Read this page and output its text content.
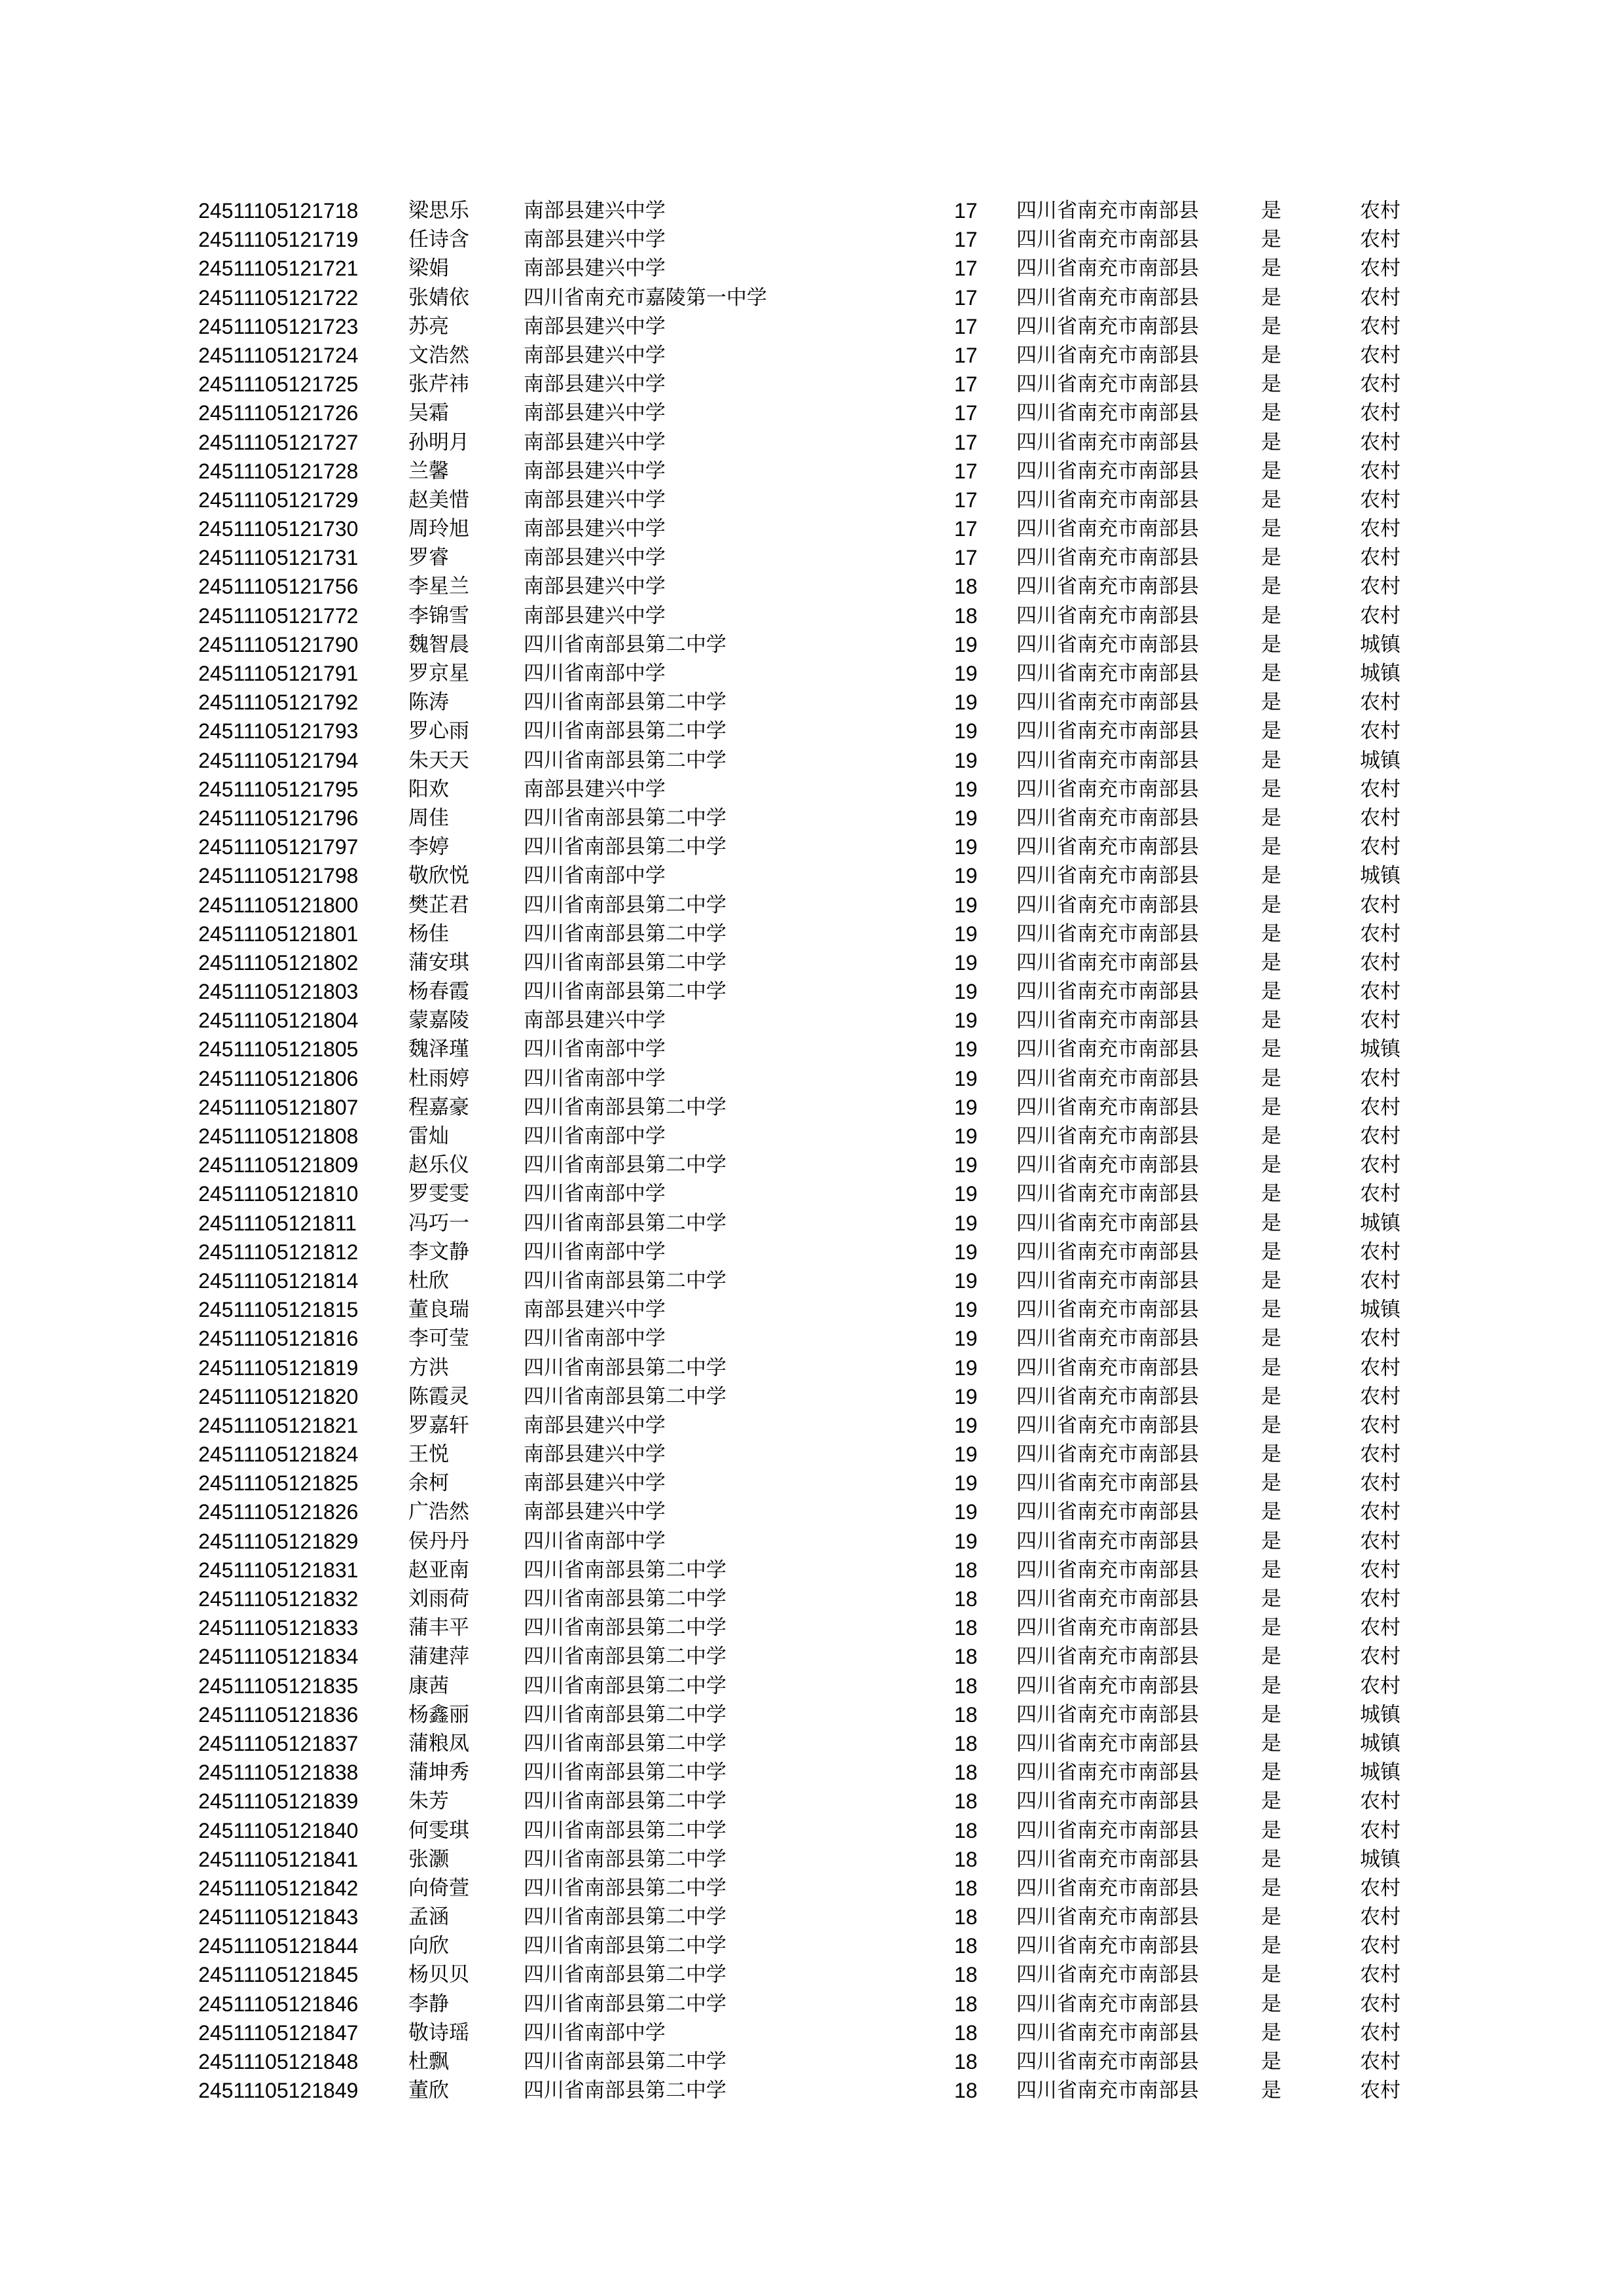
24511105121718 梁思乐	南部县建兴中学	17 四川省南充市南部县	是	农村
24511105121719 任诗含	南部县建兴中学	17 四川省南充市南部县	是	农村
24511105121721 梁娟	南部县建兴中学	17 四川省南充市南部县	是	农村
24511105121722 张婧依	四川省南充市嘉陵第一中学	17 四川省南充市南部县	是	农村
24511105121723 苏亮	南部县建兴中学	17 四川省南充市南部县	是	农村
24511105121724 文浩然	南部县建兴中学	17 四川省南充市南部县	是	农村
24511105121725 张芹祎	南部县建兴中学	17 四川省南充市南部县	是	农村
24511105121726 吴霜	南部县建兴中学	17 四川省南充市南部县	是	农村
24511105121727 孙明月	南部县建兴中学	17 四川省南充市南部县	是	农村
24511105121728 兰馨	南部县建兴中学	17 四川省南充市南部县	是	农村
24511105121729 赵美惜	南部县建兴中学	17 四川省南充市南部县	是	农村
24511105121730 周玲旭	南部县建兴中学	17 四川省南充市南部县	是	农村
24511105121731 罗睿	南部县建兴中学	17 四川省南充市南部县	是	农村
24511105121756 李星兰	南部县建兴中学	18 四川省南充市南部县	是	农村
24511105121772 李锦雪	南部县建兴中学	18 四川省南充市南部县	是	农村
24511105121790 魏智晨	四川省南部县第二中学	19 四川省南充市南部县	是	城镇
24511105121791 罗京星	四川省南部中学	19 四川省南充市南部县	是	城镇
24511105121792 陈涛	四川省南部县第二中学	19 四川省南充市南部县	是	农村
24511105121793 罗心雨	四川省南部县第二中学	19 四川省南充市南部县	是	农村
24511105121794 朱天天	四川省南部县第二中学	19 四川省南充市南部县	是	城镇
24511105121795 阳欢	南部县建兴中学	19 四川省南充市南部县	是	农村
24511105121796 周佳	四川省南部县第二中学	19 四川省南充市南部县	是	农村
24511105121797 李婷	四川省南部县第二中学	19 四川省南充市南部县	是	农村
24511105121798 敬欣悦	四川省南部中学	19 四川省南充市南部县	是	城镇
24511105121800 樊芷君	四川省南部县第二中学	19 四川省南充市南部县	是	农村
24511105121801 杨佳	四川省南部县第二中学	19 四川省南充市南部县	是	农村
24511105121802 蒲安琪	四川省南部县第二中学	19 四川省南充市南部县	是	农村
24511105121803 杨春霞	四川省南部县第二中学	19 四川省南充市南部县	是	农村
24511105121804 蒙嘉陵	南部县建兴中学	19 四川省南充市南部县	是	农村
24511105121805 魏泽瑾	四川省南部中学	19 四川省南充市南部县	是	城镇
24511105121806 杜雨婷	四川省南部中学	19 四川省南充市南部县	是	农村
24511105121807 程嘉豪	四川省南部县第二中学	19 四川省南充市南部县	是	农村
24511105121808 雷灿	四川省南部中学	19 四川省南充市南部县	是	农村
24511105121809 赵乐仪	四川省南部县第二中学	19 四川省南充市南部县	是	农村
24511105121810 罗雯雯	四川省南部中学	19 四川省南充市南部县	是	农村
24511105121811	冯巧一	四川省南部县第二中学	19 四川省南充市南部县	是	城镇
24511105121812 李文静	四川省南部中学	19 四川省南充市南部县	是	农村
24511105121814 杜欣	四川省南部县第二中学	19 四川省南充市南部县	是	农村
24511105121815 董良瑞	南部县建兴中学	19 四川省南充市南部县	是	城镇
24511105121816 李可莹	四川省南部中学	19 四川省南充市南部县	是	农村
24511105121819 方洪	四川省南部县第二中学	19 四川省南充市南部县	是	农村
24511105121820 陈霞灵	四川省南部县第二中学	19 四川省南充市南部县	是	农村
24511105121821 罗嘉轩	南部县建兴中学	19 四川省南充市南部县	是	农村
24511105121824 王悦	南部县建兴中学	19 四川省南充市南部县	是	农村
24511105121825 余柯	南部县建兴中学	19 四川省南充市南部县	是	农村
24511105121826 广浩然	南部县建兴中学	19 四川省南充市南部县	是	农村
24511105121829 侯丹丹	四川省南部中学	19 四川省南充市南部县	是	农村
24511105121831 赵亚南	四川省南部县第二中学	18 四川省南充市南部县	是	农村
24511105121832 刘雨荷	四川省南部县第二中学	18 四川省南充市南部县	是	农村
24511105121833 蒲丰平	四川省南部县第二中学	18 四川省南充市南部县	是	农村
24511105121834 蒲建萍	四川省南部县第二中学	18 四川省南充市南部县	是	农村
24511105121835 康茜	四川省南部县第二中学	18 四川省南充市南部县	是	农村
24511105121836 杨鑫丽	四川省南部县第二中学	18 四川省南充市南部县	是	城镇
24511105121837 蒲粮凤	四川省南部县第二中学	18 四川省南充市南部县	是	城镇
24511105121838 蒲坤秀	四川省南部县第二中学	18 四川省南充市南部县	是	城镇
24511105121839 朱芳	四川省南部县第二中学	18 四川省南充市南部县	是	农村
24511105121840 何雯琪	四川省南部县第二中学	18 四川省南充市南部县	是	农村
24511105121841 张灏	四川省南部县第二中学	18 四川省南充市南部县	是	城镇
24511105121842 向倚萱	四川省南部县第二中学	18 四川省南充市南部县	是	农村
24511105121843 孟涵	四川省南部县第二中学	18 四川省南充市南部县	是	农村
24511105121844 向欣	四川省南部县第二中学	18 四川省南充市南部县	是	农村
24511105121845 杨贝贝	四川省南部县第二中学	18 四川省南充市南部县	是	农村
24511105121846 李静	四川省南部县第二中学	18 四川省南充市南部县	是	农村
24511105121847 敬诗瑶	四川省南部中学	18 四川省南充市南部县	是	农村
24511105121848 杜飘	四川省南部县第二中学	18 四川省南充市南部县	是	农村
24511105121849 董欣	四川省南部县第二中学	18 四川省南充市南部县	是	农村
